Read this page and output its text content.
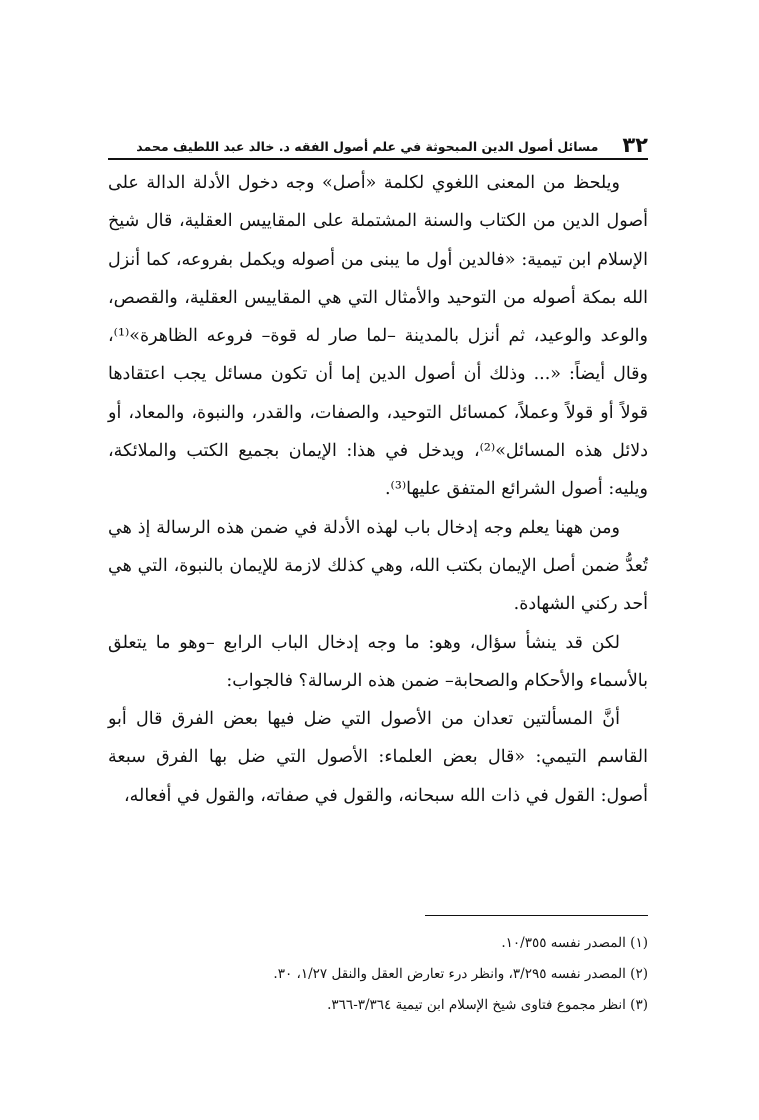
٣٢
مسائل أصول الدين المبحوثة في علم أصول الفقه د. خالد عبد اللطيف محمد

ويلحظ من المعنى اللغوي لكلمة «أصل» وجه دخول الأدلة الدالة على أصول الدين من الكتاب والسنة المشتملة على المقاييس العقلية، قال شيخ الإسلام ابن تيمية: «فالدين أول ما يبنى من أصوله ويكمل بفروعه، كما أنزل الله بمكة أصوله من التوحيد والأمثال التي هي المقاييس العقلية، والقصص، والوعد والوعيد، ثم أنزل بالمدينة –لما صار له قوة– فروعه الظاهرة»⁽¹⁾، وقال أيضاً: «... وذلك أن أصول الدين إما أن تكون مسائل يجب اعتقادها قولاً أو قولاً وعملاً، كمسائل التوحيد، والصفات، والقدر، والنبوة، والمعاد، أو دلائل هذه المسائل»⁽²⁾، ويدخل في هذا: الإيمان بجميع الكتب والملائكة، ويليه: أصول الشرائع المتفق عليها⁽³⁾.

ومن ههنا يعلم وجه إدخال باب لهذه الأدلة في ضمن هذه الرسالة إذ هي تُعدُّ ضمن أصل الإيمان بكتب الله، وهي كذلك لازمة للإيمان بالنبوة، التي هي أحد ركني الشهادة.

لكن قد ينشأ سؤال، وهو: ما وجه إدخال الباب الرابع –وهو ما يتعلق بالأسماء والأحكام والصحابة– ضمن هذه الرسالة؟ فالجواب:

أنَّ المسألتين تعدان من الأصول التي ضل فيها بعض الفرق قال أبو القاسم التيمي: «قال بعض العلماء: الأصول التي ضل بها الفرق سبعة أصول: القول في ذات الله سبحانه، والقول في صفاته، والقول في أفعاله،

(١) المصدر نفسه ١٠/٣٥٥.
(٢) المصدر نفسه ٣/٢٩٥، وانظر درء تعارض العقل والنقل ١/٢٧، ٣٠.
(٣) انظر مجموع فتاوى شيخ الإسلام ابن تيمية ٣/٣٦٤-٣٦٦.
